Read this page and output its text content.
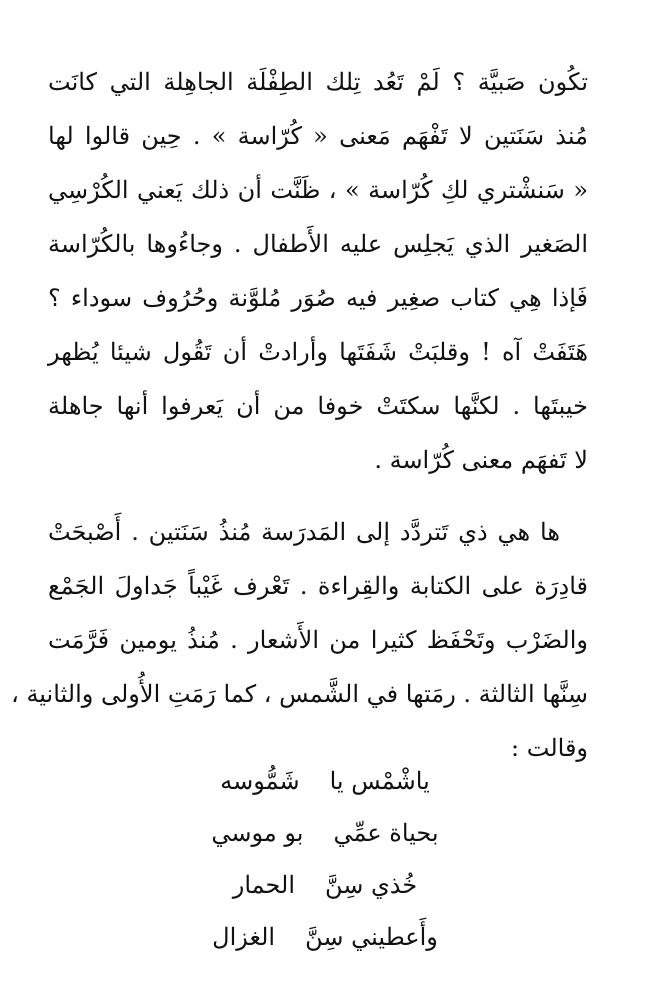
تكُون صَبيَّة ؟ لَمْ تَعُد تِلك الطِفْلَة الجاهِلة التي كانَت
مُنذ سَنَتين لا تَفْهَم مَعنى « كُرّاسة » . حِين قالوا لها
« سَنشْتري لكِ كُرّاسة » ، ظَنَّت أن ذلك يَعني الكُرْسِي
الصَغير الذي يَجلِس عليه الأَطفال . وجاءُوها بالكُرّاسة
فَإذا هِي كتاب صغِير فيه صُوَر مُلوَّنة وحُرُوف سوداء ؟
هَتَفَتْ آه ! وقلبَتْ شَفَتَها وأرادتْ أن تَقُول شيئا يُظهر
خيبتَها . لكنَّها سكتَتْ خوفا من أن يَعرفوا أنها جاهلة
لا تَفهَم معنى كُرّاسة .
ها هي ذي تَتردَّد إلى المَدرَسة مُنذُ سَنَتين . أَصْبحَتْ
قادِرَة على الكتابة والقِراءة . تَعْرف غَيْباً جَداولَ الجَمْع
والضَرْب وتَحْفَظ كثيرا من الأَشعار . مُنذُ يومين فَرَّمَت
سِنَّها الثالثة . رمَتها في الشَّمس ، كما رَمَتِ الأُولى والثانية ،
وقالت :
ياشْمْس يا
شَمُّوسه
بحياة عمِّي
بو موسي
خُذي سِنَّ
الحمار
وأَعطيني سِنَّ
الغزال
